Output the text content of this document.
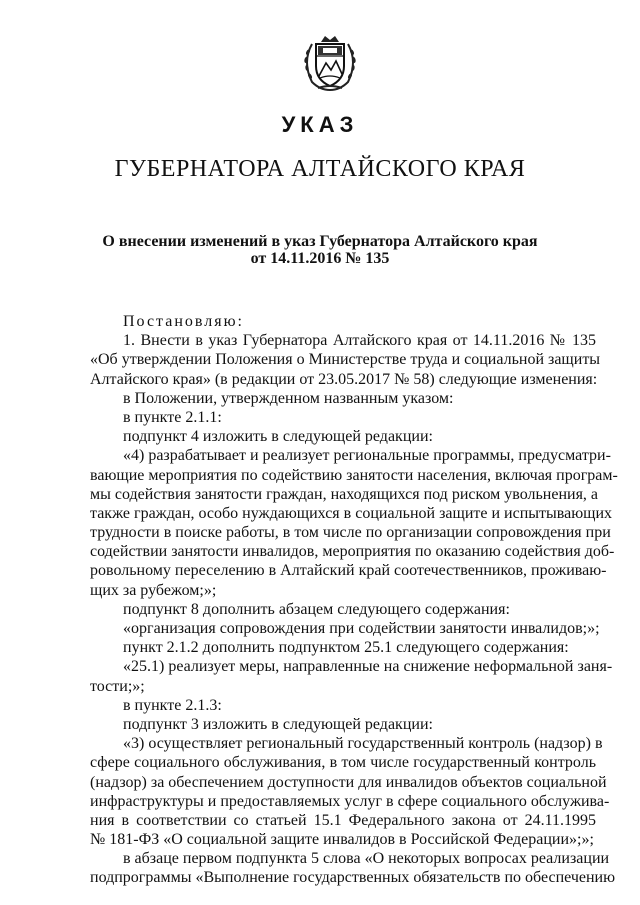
УКАЗ
ГУБЕРНАТОРА АЛТАЙСКОГО КРАЯ
О внесении изменений в указ Губернатора Алтайского края
от 14.11.2016 № 135
Постановляю:
1. Внести в указ Губернатора Алтайского края от 14.11.2016 № 135
«Об утверждении Положения о Министерстве труда и социальной защиты
Алтайского края» (в редакции от 23.05.2017 № 58) следующие изменения:
в Положении, утвержденном названным указом:
в пункте 2.1.1:
подпункт 4 изложить в следующей редакции:
«4) разрабатывает и реализует региональные программы, предусматри-
вающие мероприятия по содействию занятости населения, включая програм-
мы содействия занятости граждан, находящихся под риском увольнения, а
также граждан, особо нуждающихся в социальной защите и испытывающих
трудности в поиске работы, в том числе по организации сопровождения при
содействии занятости инвалидов, мероприятия по оказанию содействия доб-
ровольному переселению в Алтайский край соотечественников, проживаю-
щих за рубежом;»;
подпункт 8 дополнить абзацем следующего содержания:
«организация сопровождения при содействии занятости инвалидов;»;
пункт 2.1.2 дополнить подпунктом 25.1 следующего содержания:
«25.1) реализует меры, направленные на снижение неформальной заня-
тости;»;
в пункте 2.1.3:
подпункт 3 изложить в следующей редакции:
«3) осуществляет региональный государственный контроль (надзор) в
сфере социального обслуживания, в том числе государственный контроль
(надзор) за обеспечением доступности для инвалидов объектов социальной
инфраструктуры и предоставляемых услуг в сфере социального обслужива-
ния в соответствии со статьей 15.1 Федерального закона от 24.11.1995
№ 181-ФЗ «О социальной защите инвалидов в Российской Федерации»;»;
в абзаце первом подпункта 5 слова «О некоторых вопросах реализации
подпрограммы «Выполнение государственных обязательств по обеспечению
